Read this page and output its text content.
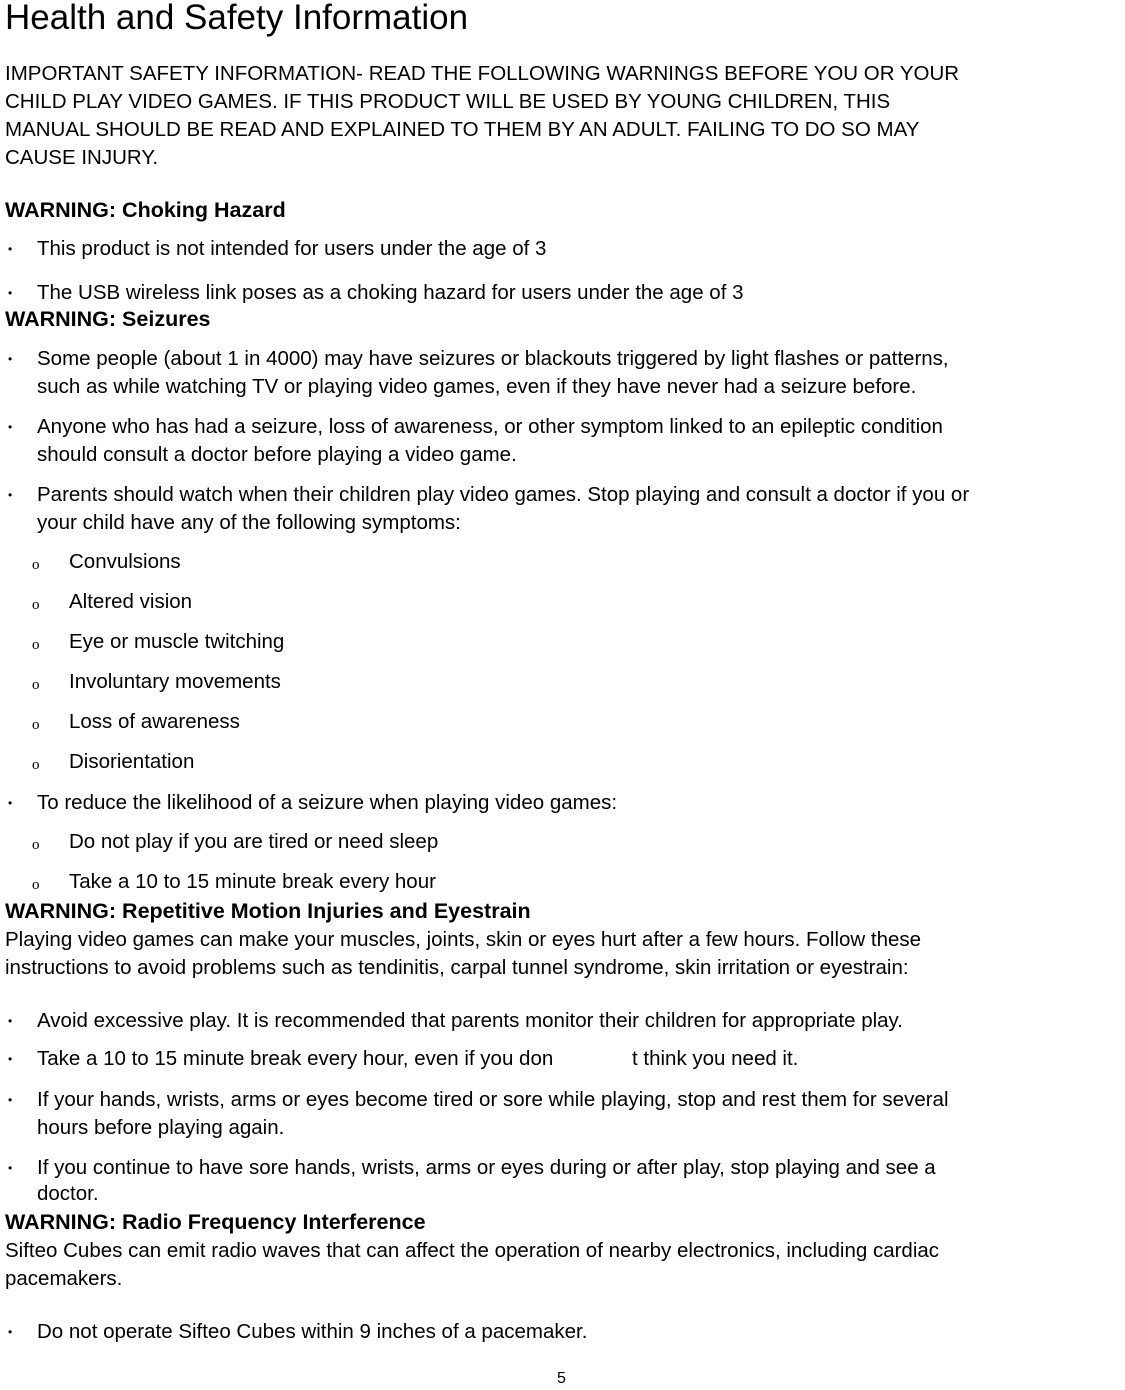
Health and Safety Information
IMPORTANT SAFETY INFORMATION- READ THE FOLLOWING WARNINGS BEFORE YOU OR YOUR
CHILD PLAY VIDEO GAMES. IF THIS PRODUCT WILL BE USED BY YOUNG CHILDREN, THIS
MANUAL SHOULD BE READ AND EXPLAINED TO THEM BY AN ADULT. FAILING TO DO SO MAY
CAUSE INJURY.
WARNING: Choking Hazard
• This product is not intended for users under the age of 3
• The USB wireless link poses as a choking hazard for users under the age of 3
WARNING: Seizures
• Some people (about 1 in 4000) may have seizures or blackouts triggered by light flashes or patterns,
such as while watching TV or playing video games, even if they have never had a seizure before.
• Anyone who has had a seizure, loss of awareness, or other symptom linked to an epileptic condition
should consult a doctor before playing a video game.
• Parents should watch when their children play video games. Stop playing and consult a doctor if you or
your child have any of the following symptoms:
o Convulsions
o Altered vision
o Eye or muscle twitching
o Involuntary movements
o Loss of awareness
o Disorientation
• To reduce the likelihood of a seizure when playing video games:
o Do not play if you are tired or need sleep
o Take a 10 to 15 minute break every hour
WARNING: Repetitive Motion Injuries and Eyestrain
Playing video games can make your muscles, joints, skin or eyes hurt after a few hours. Follow these
instructions to avoid problems such as tendinitis, carpal tunnel syndrome, skin irritation or eyestrain:
• Avoid excessive play. It is recommended that parents monitor their children for appropriate play.
• Take a 10 to 15 minute break every hour, even if you don	t think you need it.
• If your hands, wrists, arms or eyes become tired or sore while playing, stop and rest them for several
hours before playing again.
• If you continue to have sore hands, wrists, arms or eyes during or after play, stop playing and see a
doctor.
WARNING: Radio Frequency Interference
Sifteo Cubes can emit radio waves that can affect the operation of nearby electronics, including cardiac
pacemakers.
• Do not operate Sifteo Cubes within 9 inches of a pacemaker.
5
